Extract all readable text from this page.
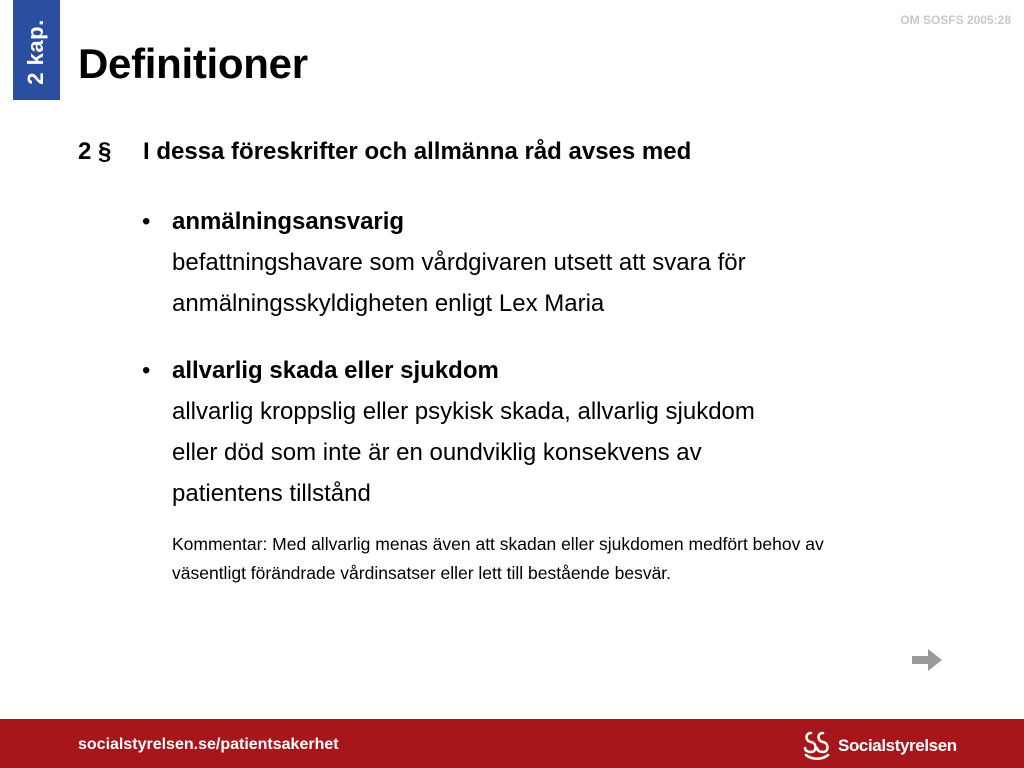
2 kap.	OM SOSFS 2005:28
Definitioner
2 § I dessa föreskrifter och allmänna råd avses med
• anmälningsansvarig
befattningshavare som vårdgivaren utsett att svara för
anmälningsskyldigheten enligt Lex Maria
• allvarlig skada eller sjukdom
allvarlig kroppslig eller psykisk skada, allvarlig sjukdom
eller död som inte är en oundviklig konsekvens av
patientens tillstånd
Kommentar: Med allvarlig menas även att skadan eller sjukdomen medfört behov av
väsentligt förändrade vårdinsatser eller lett till bestående besvär.
socialstyrelsen.se/patientsakerhet	Socialstyrelsen
